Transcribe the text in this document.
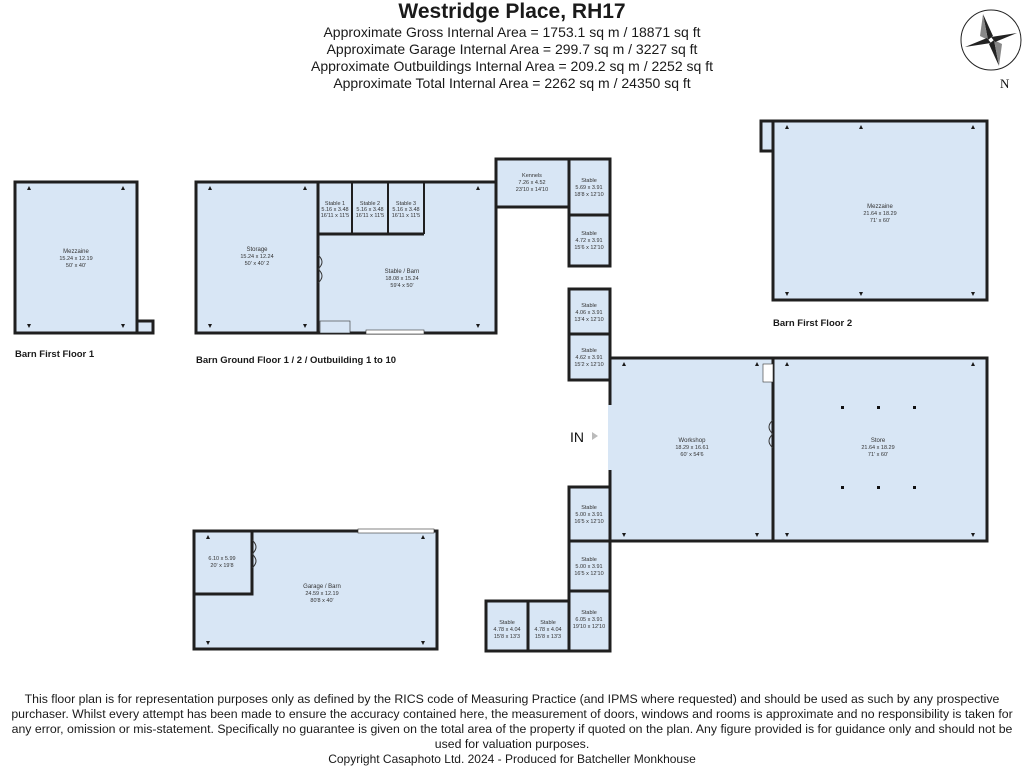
Westridge Place, RH17
Approximate Gross Internal Area = 1753.1 sq m / 18871 sq ft
Approximate Garage Internal Area = 299.7 sq m / 3227 sq ft
Approximate Outbuildings Internal Area = 209.2 sq m / 2252 sq ft
Approximate Total Internal Area = 2262 sq m / 24350 sq ft	N
Mezzaine
15.24 x 12.19
50' x 40'
Barn First Floor 1
Storage
15.24 x 12.24
50' x 40' 2
Stable 1
5.16 x 3.48
16'11 x 11'5
Stable 2
5.16 x 3.48
16'11 x 11'5
Stable 3
5.16 x 3.48
16'11 x 11'5
Stable / Barn
18.08 x 15.24
59'4 x 50'
Barn Ground Floor 1 / 2 / Outbuilding 1 to 10
Kennels
7.26 x 4.52
23'10 x 14'10
Stable
5.69 x 3.91
18'8 x 12'10
Stable
4.72 x 3.91
15'6 x 12'10
Stable
4.06 x 3.91
13'4 x 12'10
Stable
4.62 x 3.91
15'2 x 12'10
Mezzaine
21.64 x 18.29
71' x 60'
Barn First Floor 2
Workshop
18.29 x 16.61
60' x 54'6
Store
21.64 x 18.29
71' x 60'
IN
Stable
5.00 x 3.91
16'5 x 12'10
Stable
5.00 x 3.91
16'5 x 12'10
Stable
6.05 x 3.91
19'10 x 12'10
Stable
4.78 x 4.04
15'8 x 13'3
Stable
4.78 x 4.04
15'8 x 13'3
6.10 x 5.99
20' x 19'8
Garage / Barn
24.59 x 12.19
80'8 x 40'
This floor plan is for representation purposes only as defined by the RICS code of Measuring Practice (and IPMS where requested) and should be used as such by any prospective purchaser. Whilst every attempt has been made to ensure the accuracy contained here, the measurement of doors, windows and rooms is approximate and no responsibility is taken for any error, omission or mis-statement. Specifically no guarantee is given on the total area of the property if quoted on the plan. Any figure provided is for guidance only and should not be used for valuation purposes.
Copyright Casaphoto Ltd. 2024 - Produced for Batcheller Monkhouse
